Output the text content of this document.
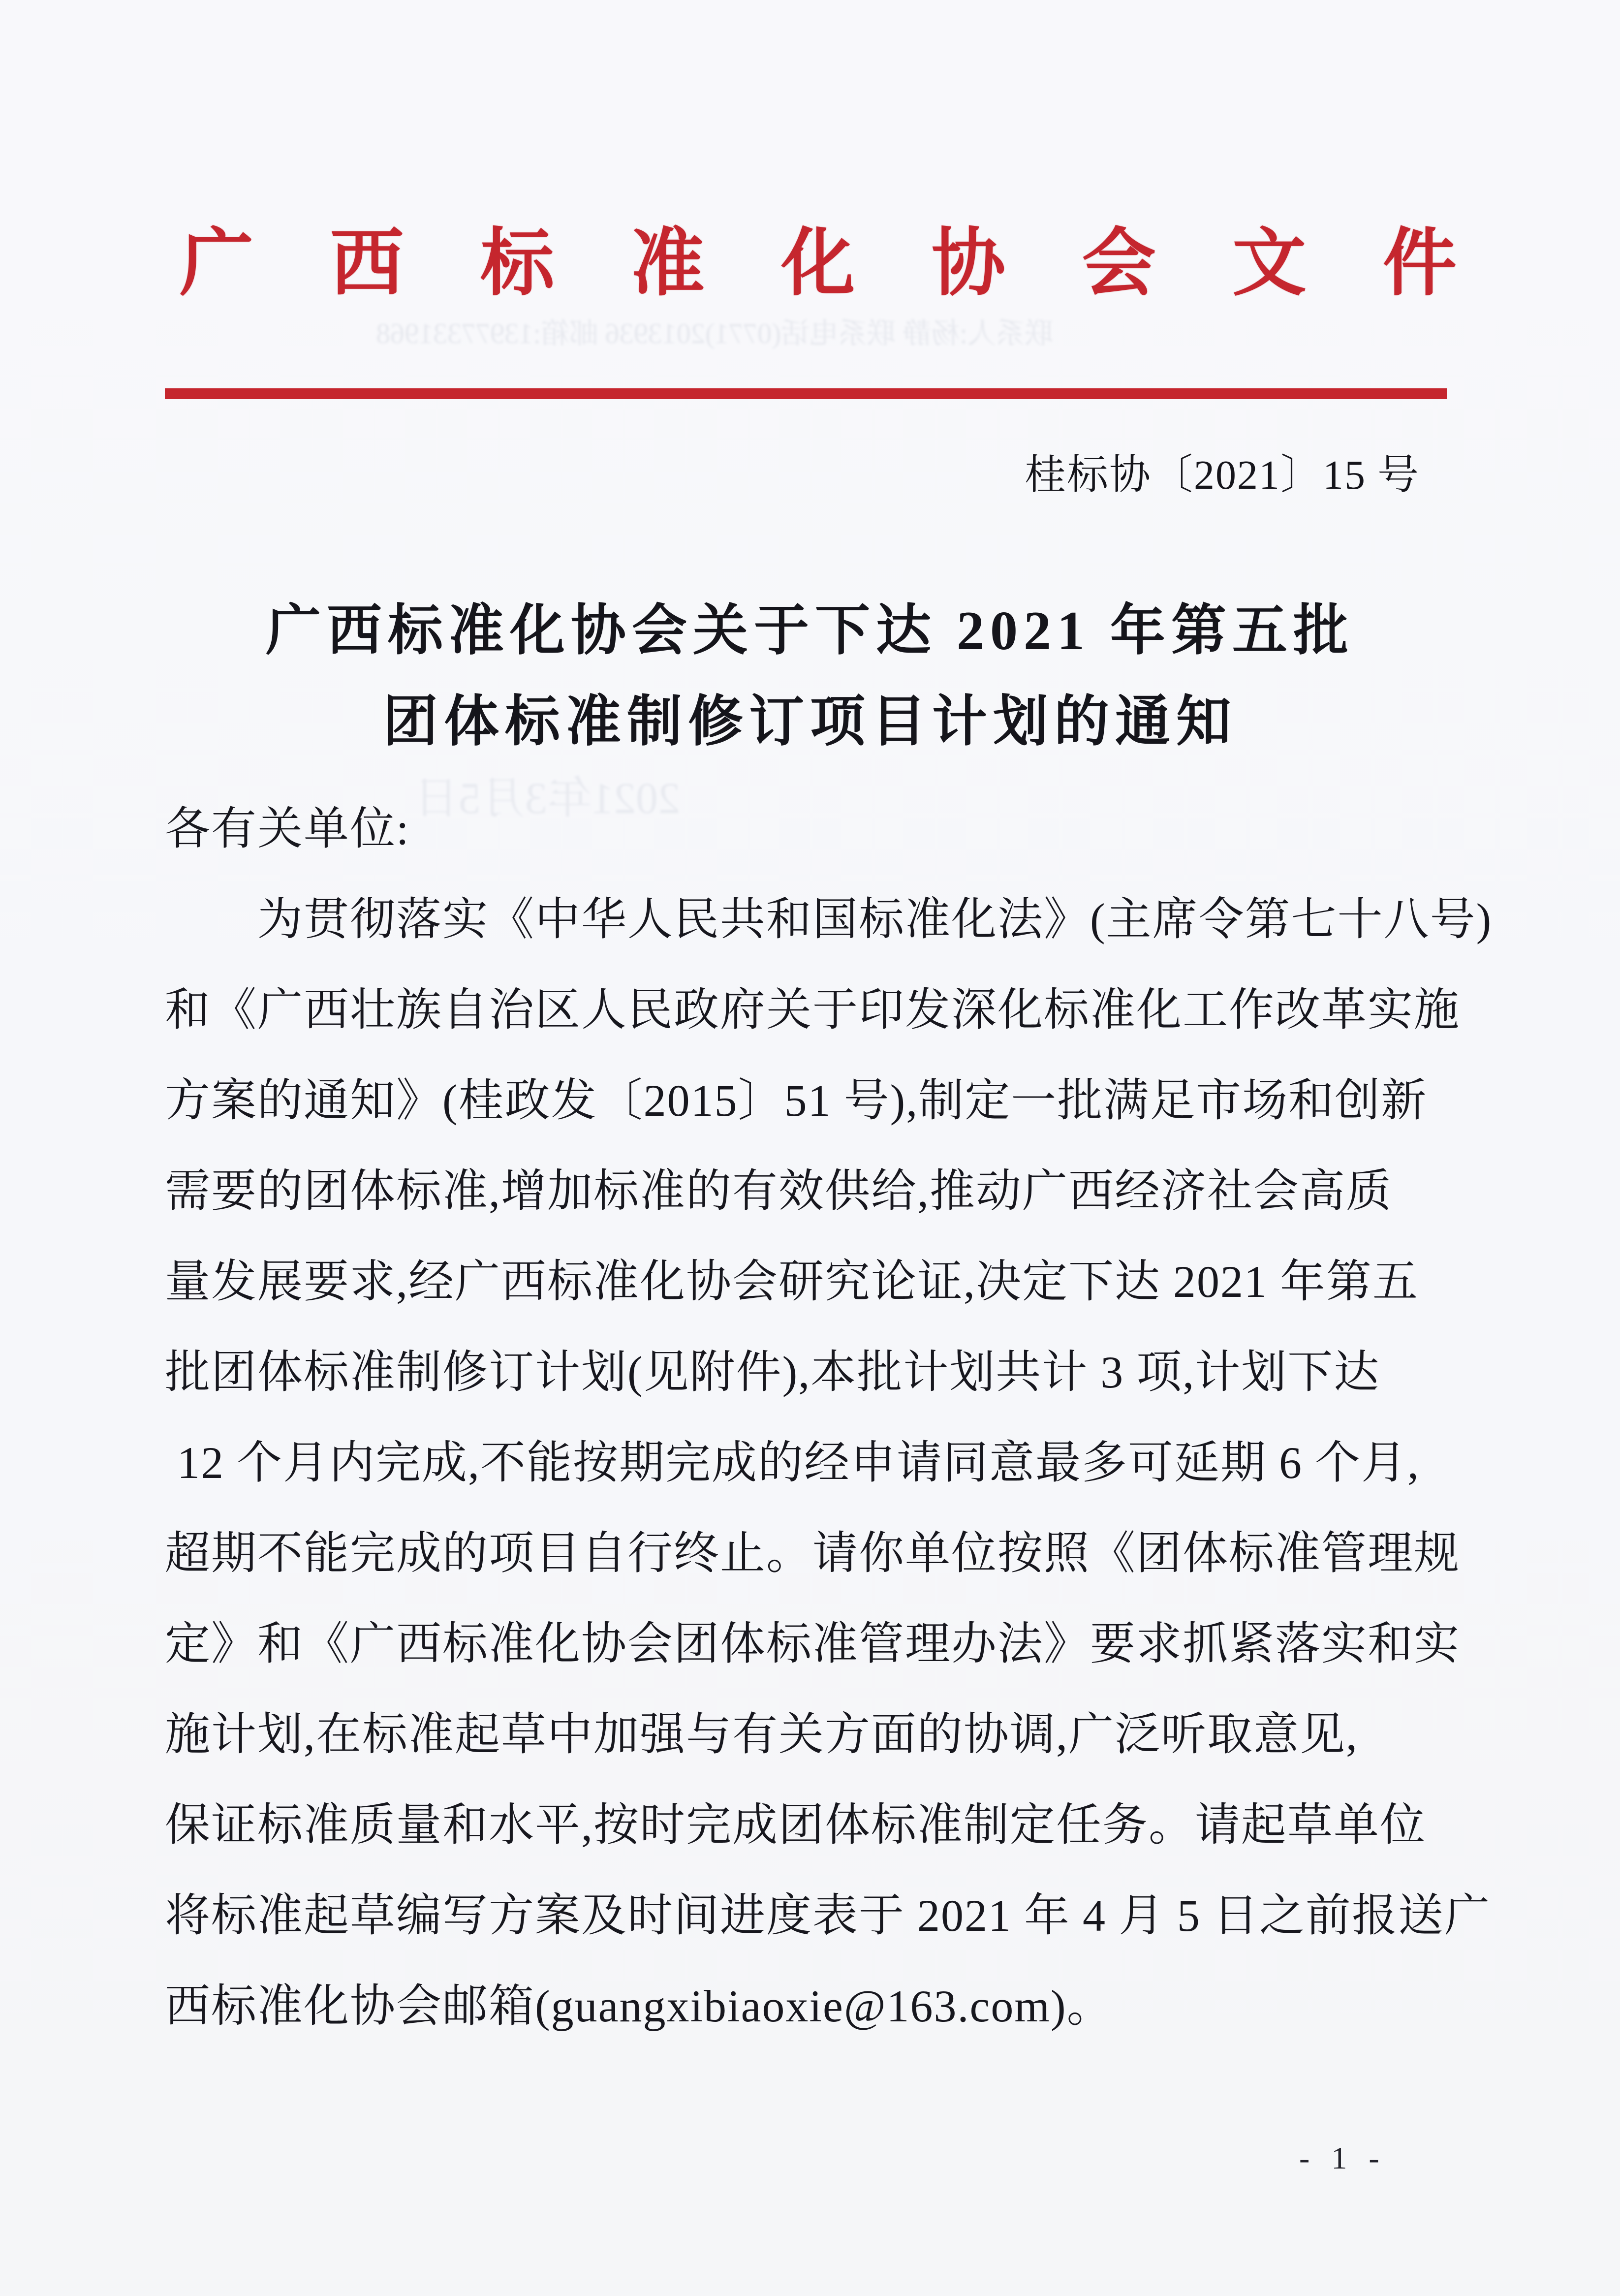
联系人:杨静 联系电话(0771)2013936 邮箱:13977331968
广 西 标 准 化 协 会 文 件
桂标协〔2021〕15 号
广西标准化协会关于下达 2021 年第五批
团体标准制修订项目计划的通知
2021年3月5日
各有关单位:
　　为贯彻落实《中华人民共和国标准化法》(主席令第七十八号)
和《广西壮族自治区人民政府关于印发深化标准化工作改革实施
方案的通知》(桂政发〔2015〕51 号),制定一批满足市场和创新
需要的团体标准,增加标准的有效供给,推动广西经济社会高质
量发展要求,经广西标准化协会研究论证,决定下达 2021 年第五
批团体标准制修订计划(见附件),本批计划共计 3 项,计划下达
12 个月内完成,不能按期完成的经申请同意最多可延期 6 个月,
超期不能完成的项目自行终止。请你单位按照《团体标准管理规
定》和《广西标准化协会团体标准管理办法》要求抓紧落实和实
施计划,在标准起草中加强与有关方面的协调,广泛听取意见,
保证标准质量和水平,按时完成团体标准制定任务。请起草单位
将标准起草编写方案及时间进度表于 2021 年 4 月 5 日之前报送广
西标准化协会邮箱(guangxibiaoxie@163.com)。
- 1 -
